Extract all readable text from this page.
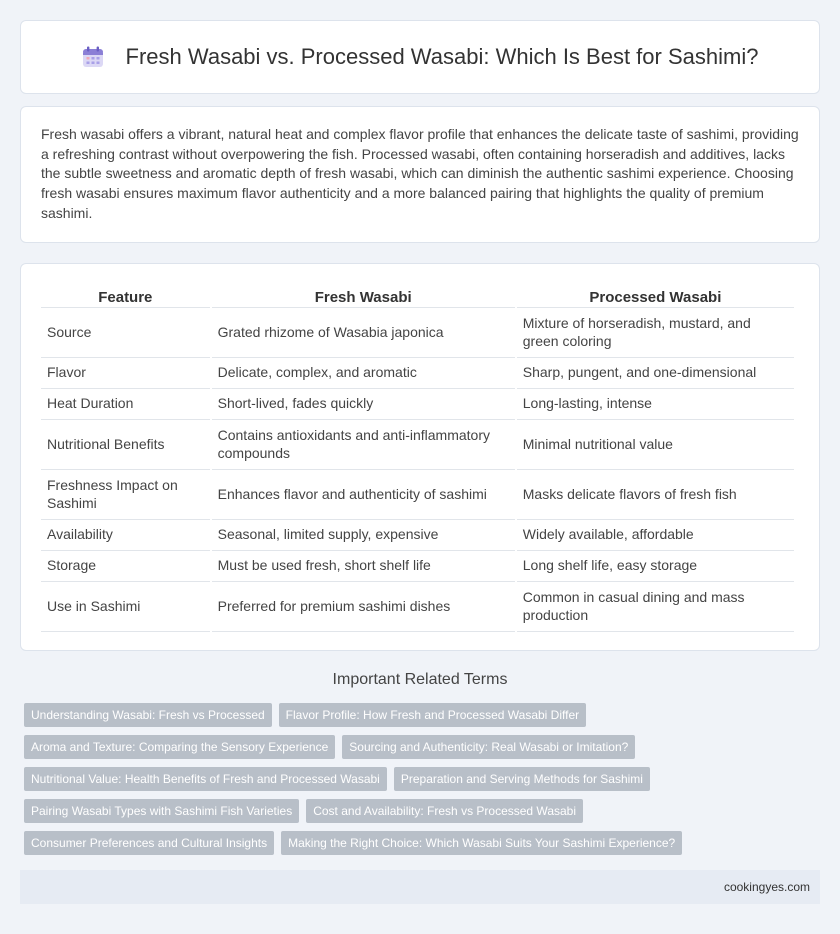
Fresh Wasabi vs. Processed Wasabi: Which Is Best for Sashimi?

Fresh wasabi offers a vibrant, natural heat and complex flavor profile that enhances the delicate taste of sashimi, providing a refreshing contrast without overpowering the fish. Processed wasabi, often containing horseradish and additives, lacks the subtle sweetness and aromatic depth of fresh wasabi, which can diminish the authentic sashimi experience. Choosing fresh wasabi ensures maximum flavor authenticity and a more balanced pairing that highlights the quality of premium sashimi.

Feature	Fresh Wasabi	Processed Wasabi
Source	Grated rhizome of Wasabia japonica	Mixture of horseradish, mustard, and green coloring
Flavor	Delicate, complex, and aromatic	Sharp, pungent, and one-dimensional
Heat Duration	Short-lived, fades quickly	Long-lasting, intense
Nutritional Benefits	Contains antioxidants and anti-inflammatory compounds	Minimal nutritional value
Freshness Impact on Sashimi	Enhances flavor and authenticity of sashimi	Masks delicate flavors of fresh fish
Availability	Seasonal, limited supply, expensive	Widely available, affordable
Storage	Must be used fresh, short shelf life	Long shelf life, easy storage
Use in Sashimi	Preferred for premium sashimi dishes	Common in casual dining and mass production
Important Related Terms
Understanding Wasabi: Fresh vs Processed	Flavor Profile: How Fresh and Processed Wasabi Differ
Aroma and Texture: Comparing the Sensory Experience	Sourcing and Authenticity: Real Wasabi or Imitation?
Nutritional Value: Health Benefits of Fresh and Processed Wasabi	Preparation and Serving Methods for Sashimi
Pairing Wasabi Types with Sashimi Fish Varieties	Cost and Availability: Fresh vs Processed Wasabi
Consumer Preferences and Cultural Insights	Making the Right Choice: Which Wasabi Suits Your Sashimi Experience?
cookingyes.com
